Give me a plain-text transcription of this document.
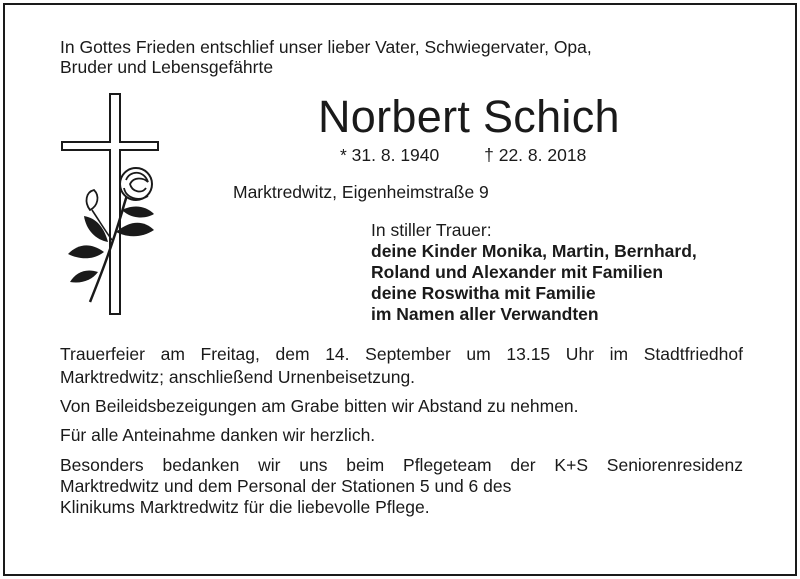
In Gottes Frieden entschlief unser lieber Vater, Schwiegervater, Opa,
Bruder und Lebensgefährte
Norbert Schich
* 31. 8. 1940	† 22. 8. 2018
Marktredwitz, Eigenheimstraße 9
In stiller Trauer:
deine Kinder Monika, Martin, Bernhard,
Roland und Alexander mit Familien
deine Roswitha mit Familie
im Namen aller Verwandten
Trauerfeier am Freitag, dem 14. September um 13.15 Uhr im Stadtfriedhof
Marktredwitz; anschließend Urnenbeisetzung.
Von Beileidsbezeigungen am Grabe bitten wir Abstand zu nehmen.
Für alle Anteinahme danken wir herzlich.
Besonders bedanken wir uns beim Pflegeteam der K+S Seniorenresidenz
Marktredwitz und dem Personal der Stationen 5 und 6 des
Klinikums Marktredwitz für die liebevolle Pflege.
